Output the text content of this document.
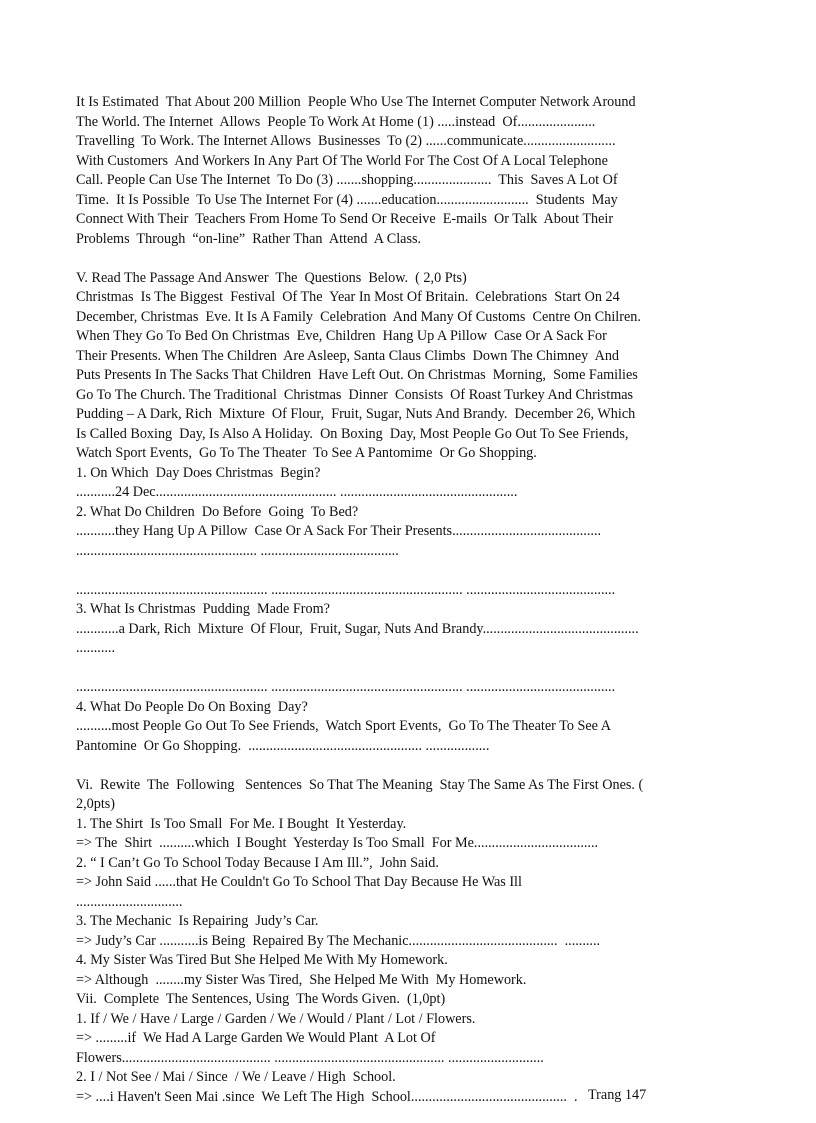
It Is Estimated  That About 200 Million  People Who Use The Internet Computer Network Around
The World. The Internet  Allows  People To Work At Home (1) .....instead  Of......................
Travelling  To Work. The Internet Allows  Businesses  To (2) ......communicate..........................
With Customers  And Workers In Any Part Of The World For The Cost Of A Local Telephone
Call. People Can Use The Internet  To Do (3) .......shopping......................  This  Saves A Lot Of
Time.  It Is Possible  To Use The Internet For (4) .......education..........................  Students  May
Connect With Their  Teachers From Home To Send Or Receive  E-mails  Or Talk  About Their
Problems  Through  “on-line”  Rather Than  Attend  A Class.
V. Read The Passage And Answer  The  Questions  Below.  ( 2,0 Pts)
Christmas  Is The Biggest  Festival  Of The  Year In Most Of Britain.  Celebrations  Start On 24
December, Christmas  Eve. It Is A Family  Celebration  And Many Of Customs  Centre On Chilren.
When They Go To Bed On Christmas  Eve, Children  Hang Up A Pillow  Case Or A Sack For
Their Presents. When The Children  Are Asleep, Santa Claus Climbs  Down The Chimney  And
Puts Presents In The Sacks That Children  Have Left Out. On Christmas  Morning,  Some Families
Go To The Church. The Traditional  Christmas  Dinner  Consists  Of Roast Turkey And Christmas
Pudding – A Dark, Rich  Mixture  Of Flour,  Fruit, Sugar, Nuts And Brandy.  December 26, Which
Is Called Boxing  Day, Is Also A Holiday.  On Boxing  Day, Most People Go Out To See Friends,
Watch Sport Events,  Go To The Theater  To See A Pantomime  Or Go Shopping.
1. On Which  Day Does Christmas  Begin?
...........24 Dec................................................... ..................................................
2. What Do Children  Do Before  Going  To Bed?
...........they Hang Up A Pillow  Case Or A Sack For Their Presents..........................................
................................................... .......................................
...................................................... ...................................................... ..........................................
3. What Is Christmas  Pudding  Made From?
............a Dark, Rich  Mixture  Of Flour,  Fruit, Sugar, Nuts And Brandy............................................
...........
...................................................... ...................................................... ..........................................
4. What Do People Do On Boxing  Day?
..........most People Go Out To See Friends,  Watch Sport Events,  Go To The Theater To See A
Pantomine  Or Go Shopping.  ................................................. ..................
Vi.  Rewite  The  Following   Sentences  So That The Meaning  Stay The Same As The First Ones. (
2,0pts)
1. The Shirt  Is Too Small  For Me. I Bought  It Yesterday.
=> The  Shirt  ..........which  I Bought  Yesterday Is Too Small  For Me...................................
2. “ I Can’t Go To School Today Because I Am Ill.”,  John Said.
=> John Said ......that He Couldn't Go To School That Day Because He Was Ill
..............................
3. The Mechanic  Is Repairing  Judy’s Car.
=> Judy’s Car ...........is Being  Repaired By The Mechanic..........................................  ..........
4. My Sister Was Tired But She Helped Me With My Homework.
=> Although  ........my Sister Was Tired,  She Helped Me With  My Homework.
Vii.  Complete  The Sentences, Using  The Words Given.  (1,0pt)
1. If / We / Have / Large / Garden / We / Would / Plant / Lot / Flowers.
=> .........if  We Had A Large Garden We Would Plant  A Lot Of
Flowers.......................................... ................................................ ...........................
2. I / Not See / Mai / Since  / We / Leave / High  School.
=> ....i Haven't Seen Mai .since  We Left The High  School............................................  . Trang 147
